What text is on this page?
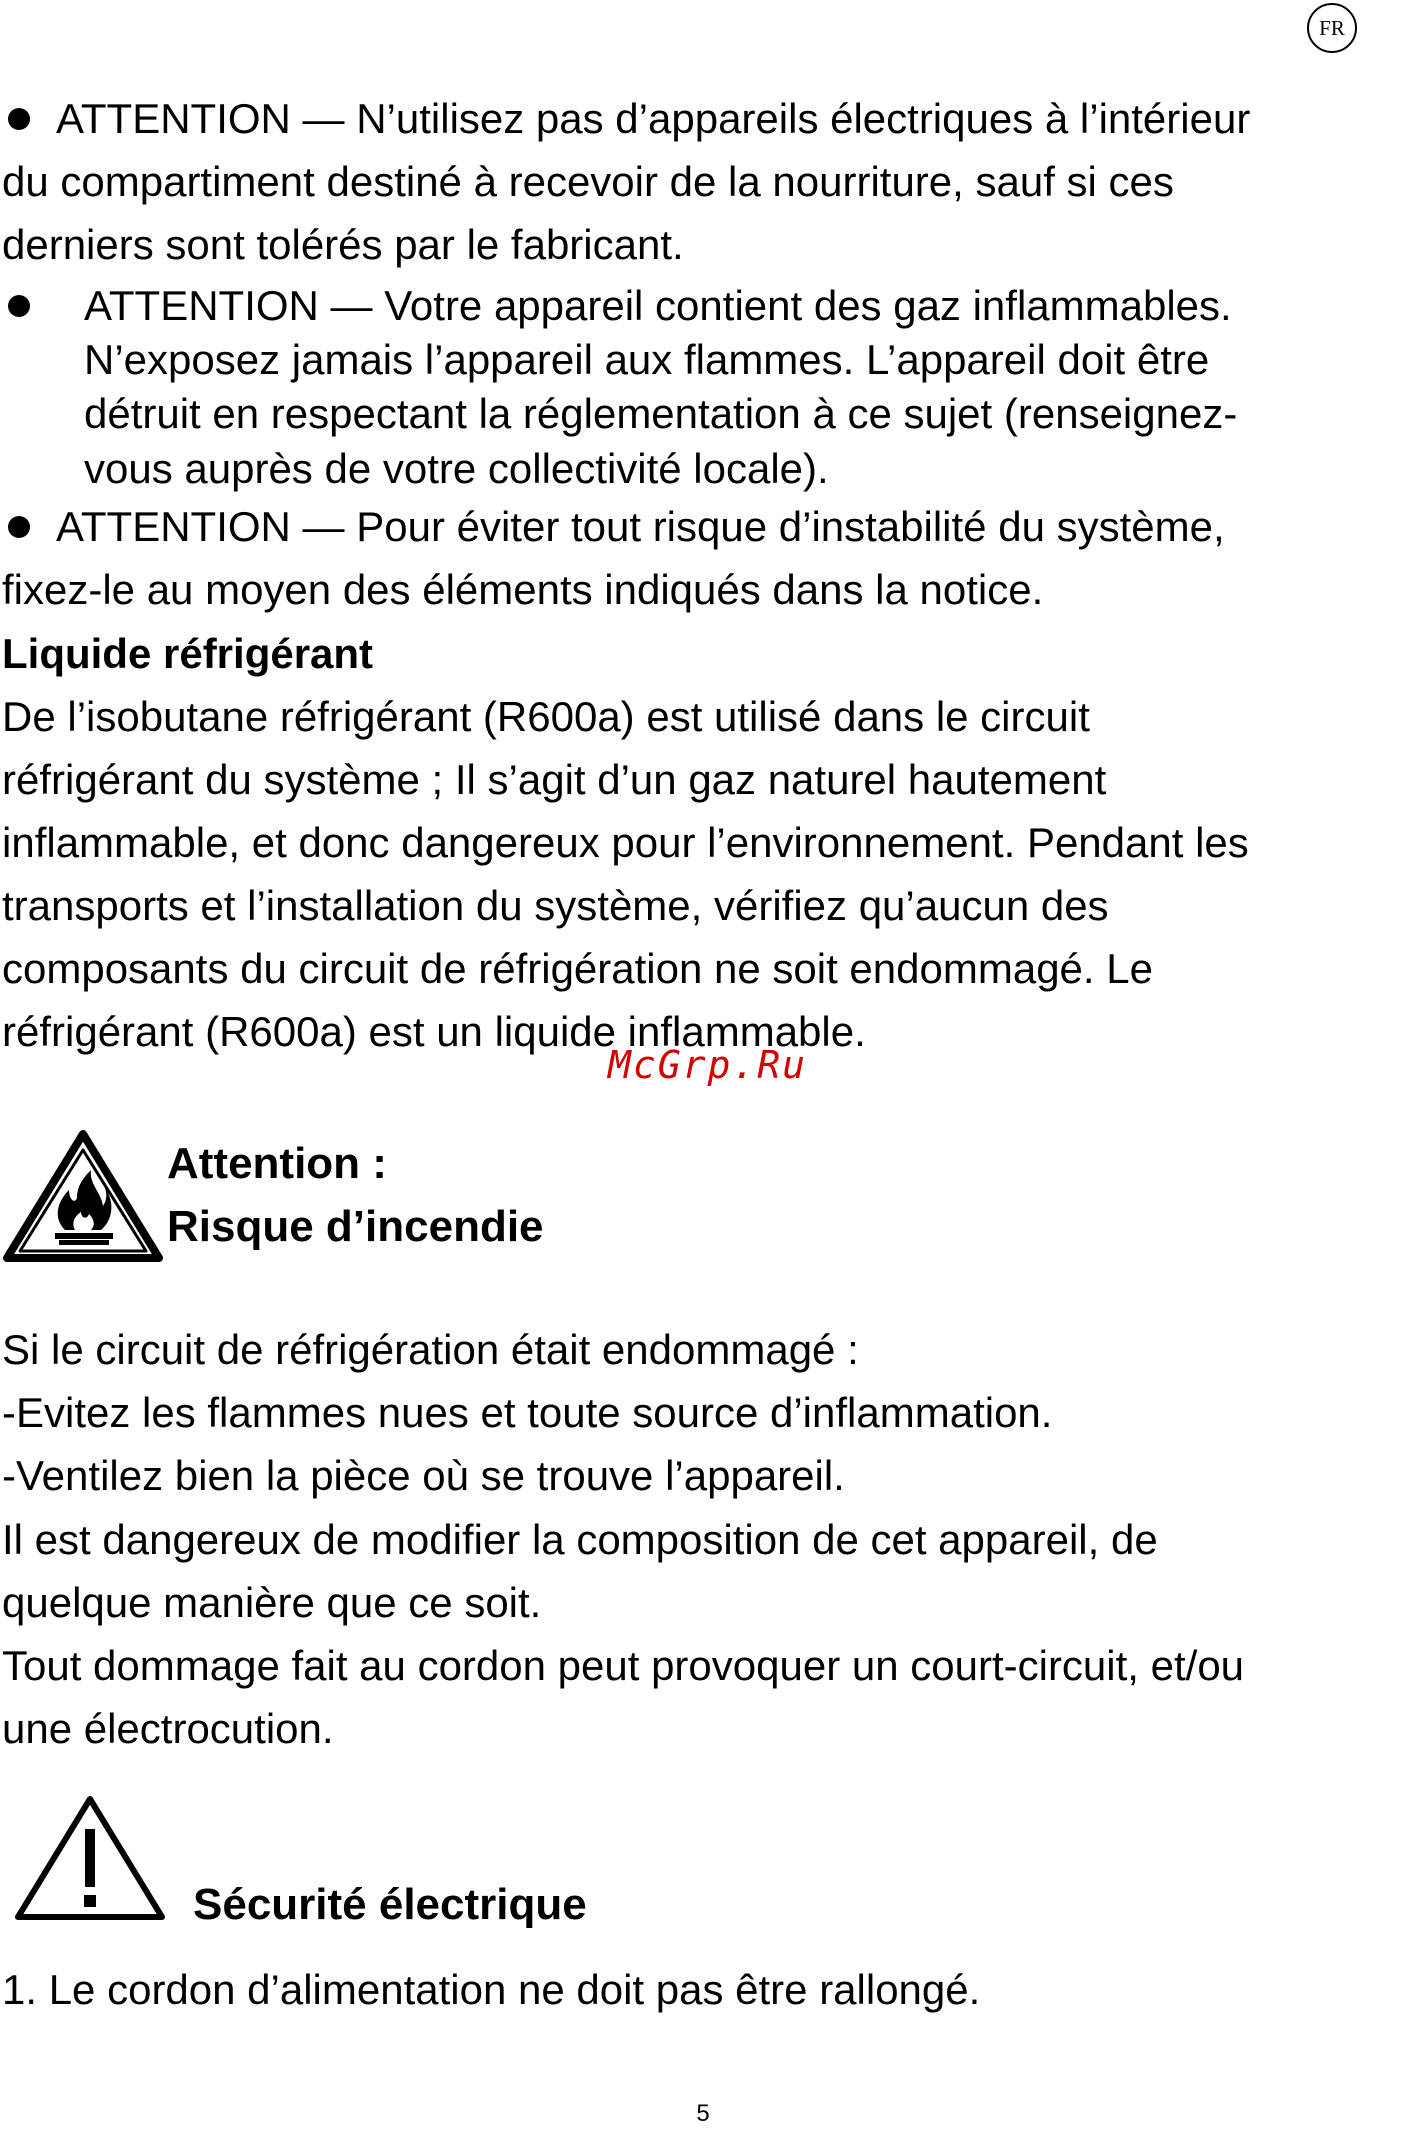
FR
ATTENTION — N’utilisez pas d’appareils électriques à l’intérieur
du compartiment destiné à recevoir de la nourriture, sauf si ces
derniers sont tolérés par le fabricant.
ATTENTION — Votre appareil contient des gaz inflammables.
N’exposez jamais l’appareil aux flammes. L’appareil doit être
détruit en respectant la réglementation à ce sujet (renseignez-
vous auprès de votre collectivité locale).
ATTENTION — Pour éviter tout risque d’instabilité du système,
fixez-le au moyen des éléments indiqués dans la notice.
Liquide réfrigérant
De l’isobutane réfrigérant (R600a) est utilisé dans le circuit
réfrigérant du système ; Il s’agit d’un gaz naturel hautement
inflammable, et donc dangereux pour l’environnement. Pendant les
transports et l’installation du système, vérifiez qu’aucun des
composants du circuit de réfrigération ne soit endommagé. Le
réfrigérant (R600a) est un liquide inflammable.
McGrp.Ru
Attention :
Risque d’incendie
Si le circuit de réfrigération était endommagé :
-Evitez les flammes nues et toute source d’inflammation.
-Ventilez bien la pièce où se trouve l’appareil.
Il est dangereux de modifier la composition de cet appareil, de
quelque manière que ce soit.
Tout dommage fait au cordon peut provoquer un court-circuit, et/ou
une électrocution.
Sécurité électrique
1. Le cordon d’alimentation ne doit pas être rallongé.
5
